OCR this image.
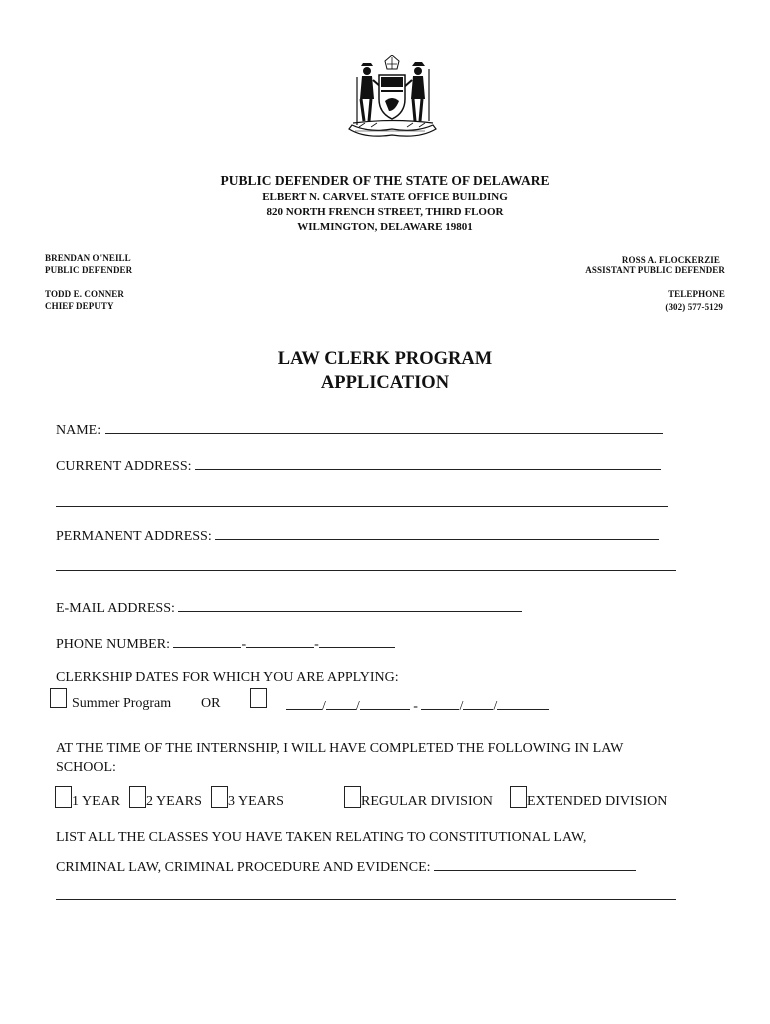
PUBLIC DEFENDER OF THE STATE OF DELAWARE
ELBERT N. CARVEL STATE OFFICE BUILDING
820 NORTH FRENCH STREET, THIRD FLOOR
WILMINGTON, DELAWARE 19801
BRENDAN O'NEILL
PUBLIC DEFENDER
TODD E. CONNER
CHIEF DEPUTY
ROSS A. FLOCKERZIE
ASSISTANT PUBLIC DEFENDER
TELEPHONE
(302) 577-5129
LAW CLERK PROGRAM
APPLICATION
NAME:
CURRENT ADDRESS:
PERMANENT ADDRESS:
E-MAIL ADDRESS:
PHONE NUMBER:	-	-
CLERKSHIP DATES FOR WHICH YOU ARE APPLYING:
Summer Program OR	/ /	-	/ /
AT THE TIME OF THE INTERNSHIP, I WILL HAVE COMPLETED THE FOLLOWING IN LAW
SCHOOL:
1 YEAR 2 YEARS 3 YEARS	REGULAR DIVISION EXTENDED DIVISION
LIST ALL THE CLASSES YOU HAVE TAKEN RELATING TO CONSTITUTIONAL LAW,
CRIMINAL LAW, CRIMINAL PROCEDURE AND EVIDENCE:
